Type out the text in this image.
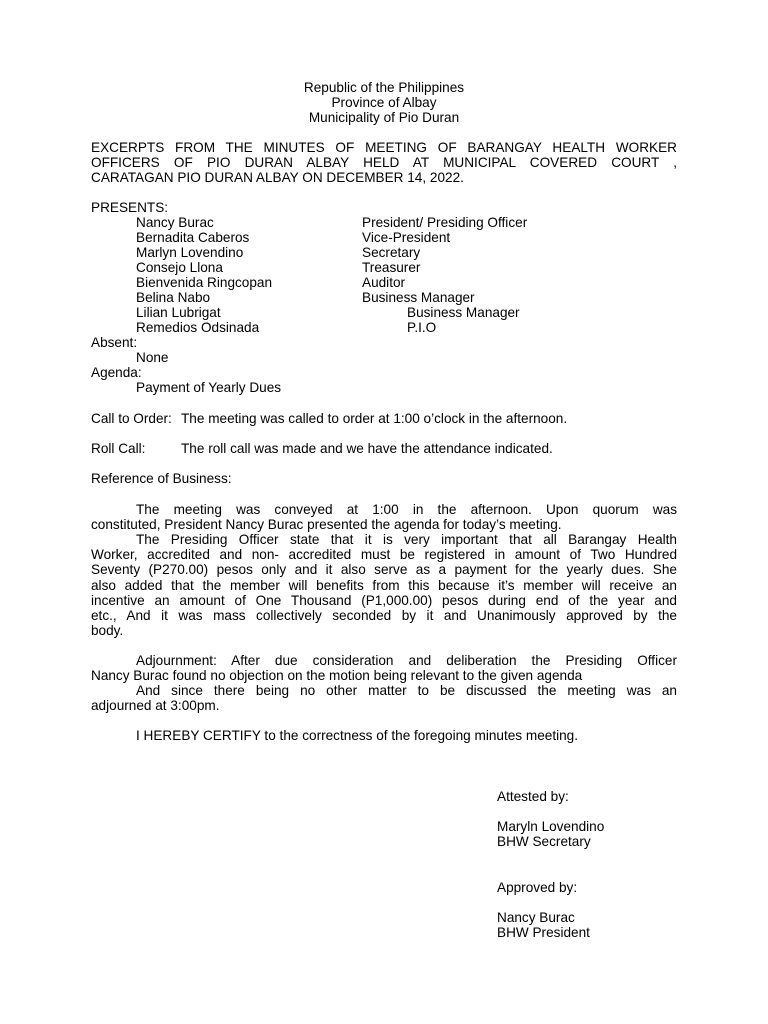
Republic of the Philippines
Province of Albay
Municipality of Pio Duran
EXCERPTS FROM THE MINUTES OF MEETING OF BARANGAY HEALTH WORKER
OFFICERS OF PIO DURAN ALBAY HELD AT MUNICIPAL COVERED COURT ,
CARATAGAN PIO DURAN ALBAY ON DECEMBER 14, 2022.
PRESENTS:
Nancy Burac	President/ Presiding Officer
Bernadita Caberos	Vice-President
Marlyn Lovendino	Secretary
Consejo Llona	Treasurer
Bienvenida Ringcopan	Auditor
Belina Nabo	Business Manager
Lilian Lubrigat	Business Manager
Remedios Odsinada	P.I.O
Absent:
None
Agenda:
Payment of Yearly Dues
Call to Order: The meeting was called to order at 1:00 o’clock in the afternoon.
Roll Call:	The roll call was made and we have the attendance indicated.
Reference of Business:
The meeting was conveyed at 1:00 in the afternoon. Upon quorum was
constituted, President Nancy Burac presented the agenda for today’s meeting.
The Presiding Officer state that it is very important that all Barangay Health
Worker, accredited and non- accredited must be registered in amount of Two Hundred
Seventy (P270.00) pesos only and it also serve as a payment for the yearly dues. She
also added that the member will benefits from this because it’s member will receive an
incentive an amount of One Thousand (P1,000.00) pesos during end of the year and
etc., And it was mass collectively seconded by it and Unanimously approved by the
body.
Adjournment: After due consideration and deliberation the Presiding Officer
Nancy Burac found no objection on the motion being relevant to the given agenda
And since there being no other matter to be discussed the meeting was an
adjourned at 3:00pm.
I HEREBY CERTIFY to the correctness of the foregoing minutes meeting.
Attested by:
Maryln Lovendino
BHW Secretary
Approved by:
Nancy Burac
BHW President
